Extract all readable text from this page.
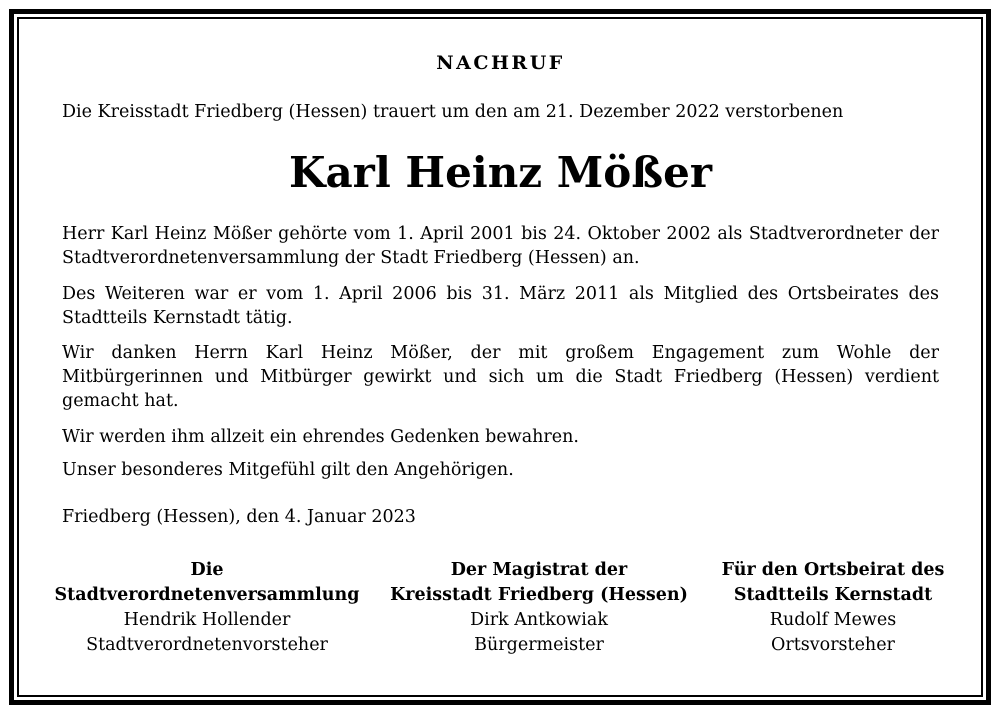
NACHRUF
Die Kreisstadt Friedberg (Hessen) trauert um den am 21. Dezember 2022 verstorbenen
Karl Heinz Mößer
Herr Karl Heinz Mößer gehörte vom 1. April 2001 bis 24. Oktober 2002 als Stadtverordneter der Stadtverordnetenversammlung der Stadt Friedberg (Hessen) an.
Des Weiteren war er vom 1. April 2006 bis 31. März 2011 als Mitglied des Ortsbeirates des Stadtteils Kernstadt tätig.
Wir danken Herrn Karl Heinz Mößer, der mit großem Engagement zum Wohle der Mitbürgerinnen und Mitbürger gewirkt und sich um die Stadt Friedberg (Hessen) verdient gemacht hat.
Wir werden ihm allzeit ein ehrendes Gedenken bewahren.
Unser besonderes Mitgefühl gilt den Angehörigen.
Friedberg (Hessen), den 4. Januar 2023
Die
Stadtverordnetenversammlung
Hendrik Hollender
Stadtverordnetenvorsteher
Der Magistrat der
Kreisstadt Friedberg (Hessen)
Dirk Antkowiak
Bürgermeister
Für den Ortsbeirat des
Stadtteils Kernstadt
Rudolf Mewes
Ortsvorsteher
